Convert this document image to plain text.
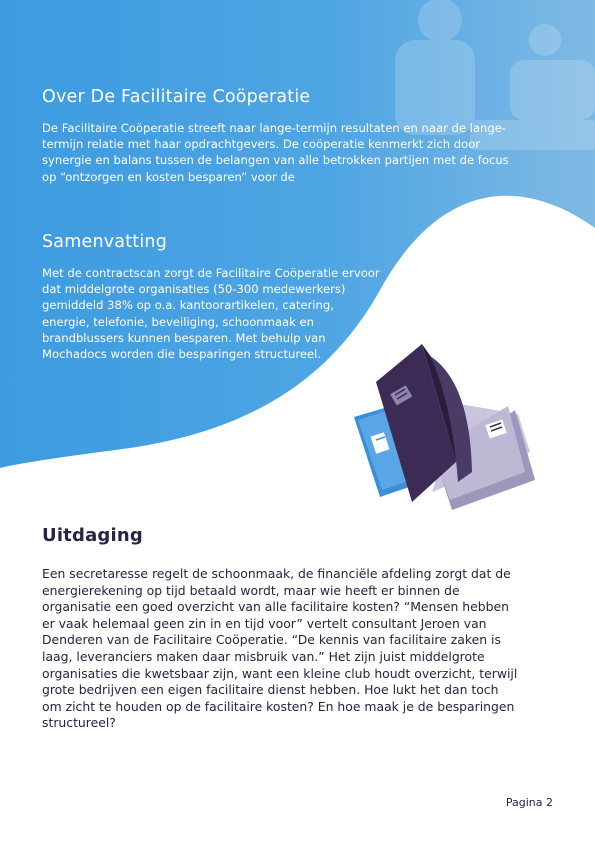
Over De Facilitaire Coöperatie

De Facilitaire Coöperatie streeft naar lange-termijn resultaten en naar de lange-termijn relatie met haar opdrachtgevers. De coöperatie kenmerkt zich door synergie en balans tussen de belangen van alle betrokken partijen met de focus op “ontzorgen en kosten besparen” voor de

Samenvatting

Met de contractscan zorgt de Facilitaire Coöperatie ervoor dat middelgrote organisaties (50-300 medewerkers) gemiddeld 38% op o.a. kantoorartikelen, catering, energie, telefonie, beveiliging, schoonmaak en brandblussers kunnen besparen. Met behulp van Mochadocs worden die besparingen structureel.

Uitdaging

Een secretaresse regelt de schoonmaak, de financiële afdeling zorgt dat de energierekening op tijd betaald wordt, maar wie heeft er binnen de organisatie een goed overzicht van alle facilitaire kosten? “Mensen hebben er vaak helemaal geen zin in en tijd voor” vertelt consultant Jeroen van Denderen van de Facilitaire Coöperatie. “De kennis van facilitaire zaken is laag, leveranciers maken daar misbruik van.” Het zijn juist middelgrote organisaties die kwetsbaar zijn, want een kleine club houdt overzicht, terwijl grote bedrijven een eigen facilitaire dienst hebben. Hoe lukt het dan toch om zicht te houden op de facilitaire kosten? En hoe maak je de besparingen structureel?

Pagina 2
